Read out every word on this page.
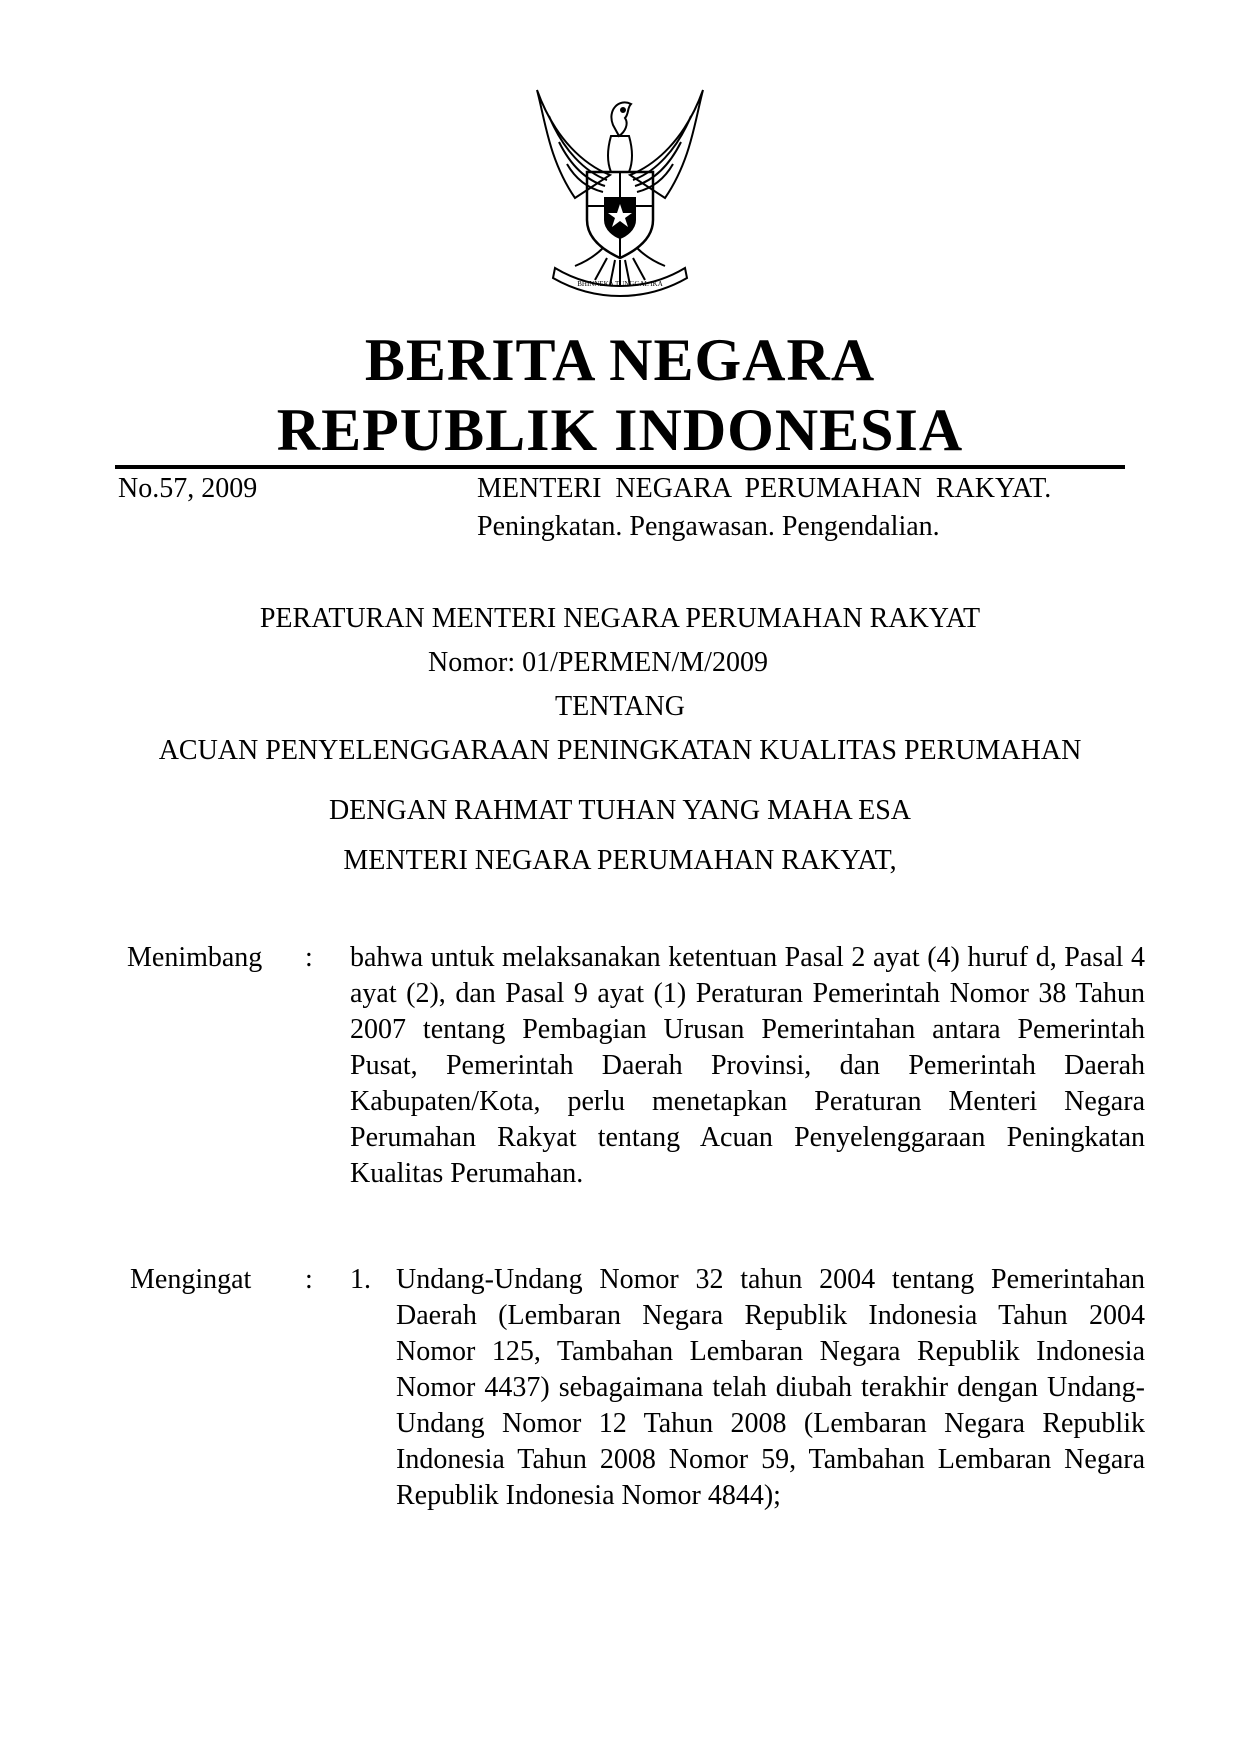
BHINNEKA TUNGGAL IKA
BERITA NEGARA
REPUBLIK INDONESIA
No.57, 2009	MENTERI  NEGARA  PERUMAHAN  RAKYAT.
Peningkatan. Pengawasan. Pengendalian.
PERATURAN MENTERI NEGARA PERUMAHAN RAKYAT
Nomor: 01/PERMEN/M/2009
TENTANG
ACUAN PENYELENGGARAAN PENINGKATAN KUALITAS PERUMAHAN
DENGAN RAHMAT TUHAN YANG MAHA ESA
MENTERI NEGARA PERUMAHAN RAKYAT,
Menimbang : bahwa untuk melaksanakan ketentuan Pasal 2 ayat (4) huruf d, Pasal 4 ayat (2), dan Pasal 9 ayat (1) Peraturan Pemerintah Nomor 38 Tahun 2007 tentang Pembagian Urusan Pemerintahan antara Pemerintah Pusat, Pemerintah Daerah Provinsi, dan Pemerintah Daerah Kabupaten/Kota, perlu menetapkan Peraturan Menteri Negara Perumahan Rakyat tentang Acuan Penyelenggaraan Peningkatan Kualitas Perumahan.
Mengingat : 1. Undang-Undang Nomor 32 tahun 2004 tentang Pemerintahan Daerah (Lembaran Negara Republik Indonesia Tahun 2004 Nomor 125, Tambahan Lembaran Negara Republik Indonesia Nomor 4437) sebagaimana telah diubah terakhir dengan Undang-Undang Nomor 12 Tahun 2008 (Lembaran Negara Republik Indonesia Tahun 2008 Nomor 59, Tambahan Lembaran Negara Republik Indonesia Nomor 4844);
